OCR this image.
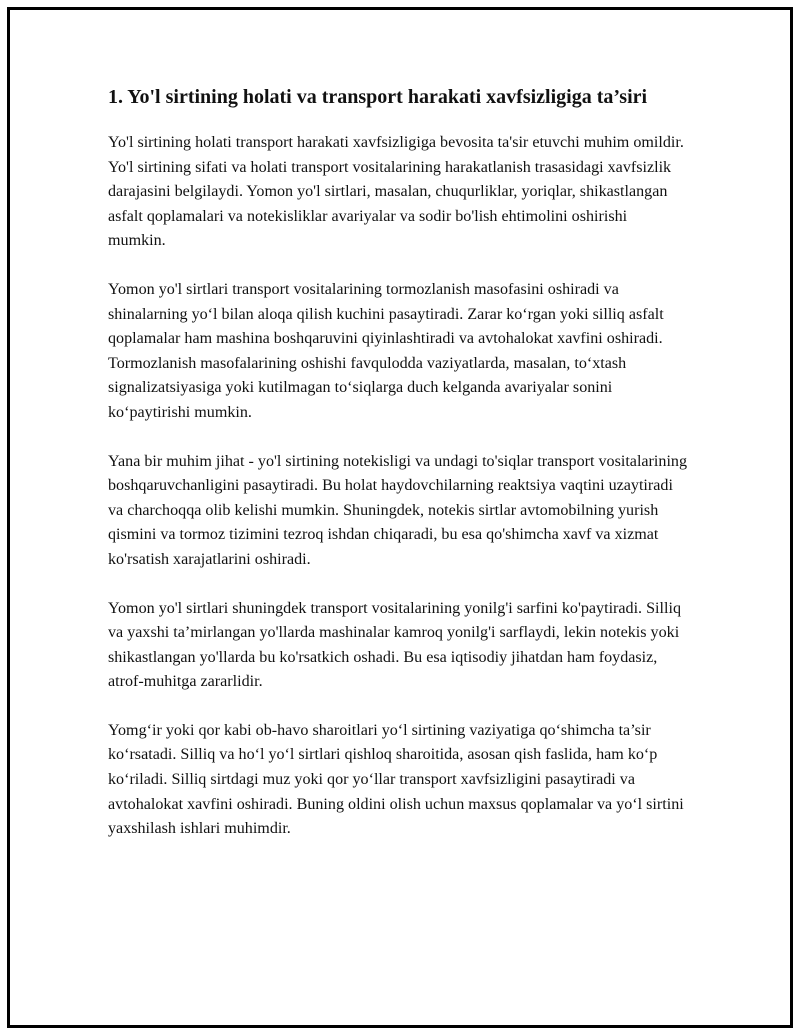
1. Yo'l sirtining holati va transport harakati xavfsizligiga ta’siri

Yo'l sirtining holati transport harakati xavfsizligiga bevosita ta'sir etuvchi muhim omildir. Yo'l sirtining sifati va holati transport vositalarining harakatlanish trasasidagi xavfsizlik darajasini belgilaydi. Yomon yo'l sirtlari, masalan, chuqurliklar, yoriqlar, shikastlangan asfalt qoplamalari va notekisliklar avariyalar va sodir bo'lish ehtimolini oshirishi mumkin.

Yomon yo'l sirtlari transport vositalarining tormozlanish masofasini oshiradi va shinalarning yo‘l bilan aloqa qilish kuchini pasaytiradi. Zarar ko‘rgan yoki silliq asfalt qoplamalar ham mashina boshqaruvini qiyinlashtiradi va avtohalokat xavfini oshiradi. Tormozlanish masofalarining oshishi favqulodda vaziyatlarda, masalan, to‘xtash signalizatsiyasiga yoki kutilmagan to‘siqlarga duch kelganda avariyalar sonini ko‘paytirishi mumkin.

Yana bir muhim jihat - yo'l sirtining notekisligi va undagi to'siqlar transport vositalarining boshqaruvchanligini pasaytiradi. Bu holat haydovchilarning reaktsiya vaqtini uzaytiradi va charchoqqa olib kelishi mumkin. Shuningdek, notekis sirtlar avtomobilning yurish qismini va tormoz tizimini tezroq ishdan chiqaradi, bu esa qo'shimcha xavf va xizmat ko'rsatish xarajatlarini oshiradi.

Yomon yo'l sirtlari shuningdek transport vositalarining yonilg'i sarfini ko'paytiradi. Silliq va yaxshi ta’mirlangan yo'llarda mashinalar kamroq yonilg'i sarflaydi, lekin notekis yoki shikastlangan yo'llarda bu ko'rsatkich oshadi. Bu esa iqtisodiy jihatdan ham foydasiz, atrof-muhitga zararlidir.

Yomg‘ir yoki qor kabi ob-havo sharoitlari yo‘l sirtining vaziyatiga qo‘shimcha ta’sir ko‘rsatadi. Silliq va ho‘l yo‘l sirtlari qishloq sharoitida, asosan qish faslida, ham ko‘p ko‘riladi. Silliq sirtdagi muz yoki qor yo‘llar transport xavfsizligini pasaytiradi va avtohalokat xavfini oshiradi. Buning oldini olish uchun maxsus qoplamalar va yo‘l sirtini yaxshilash ishlari muhimdir.
